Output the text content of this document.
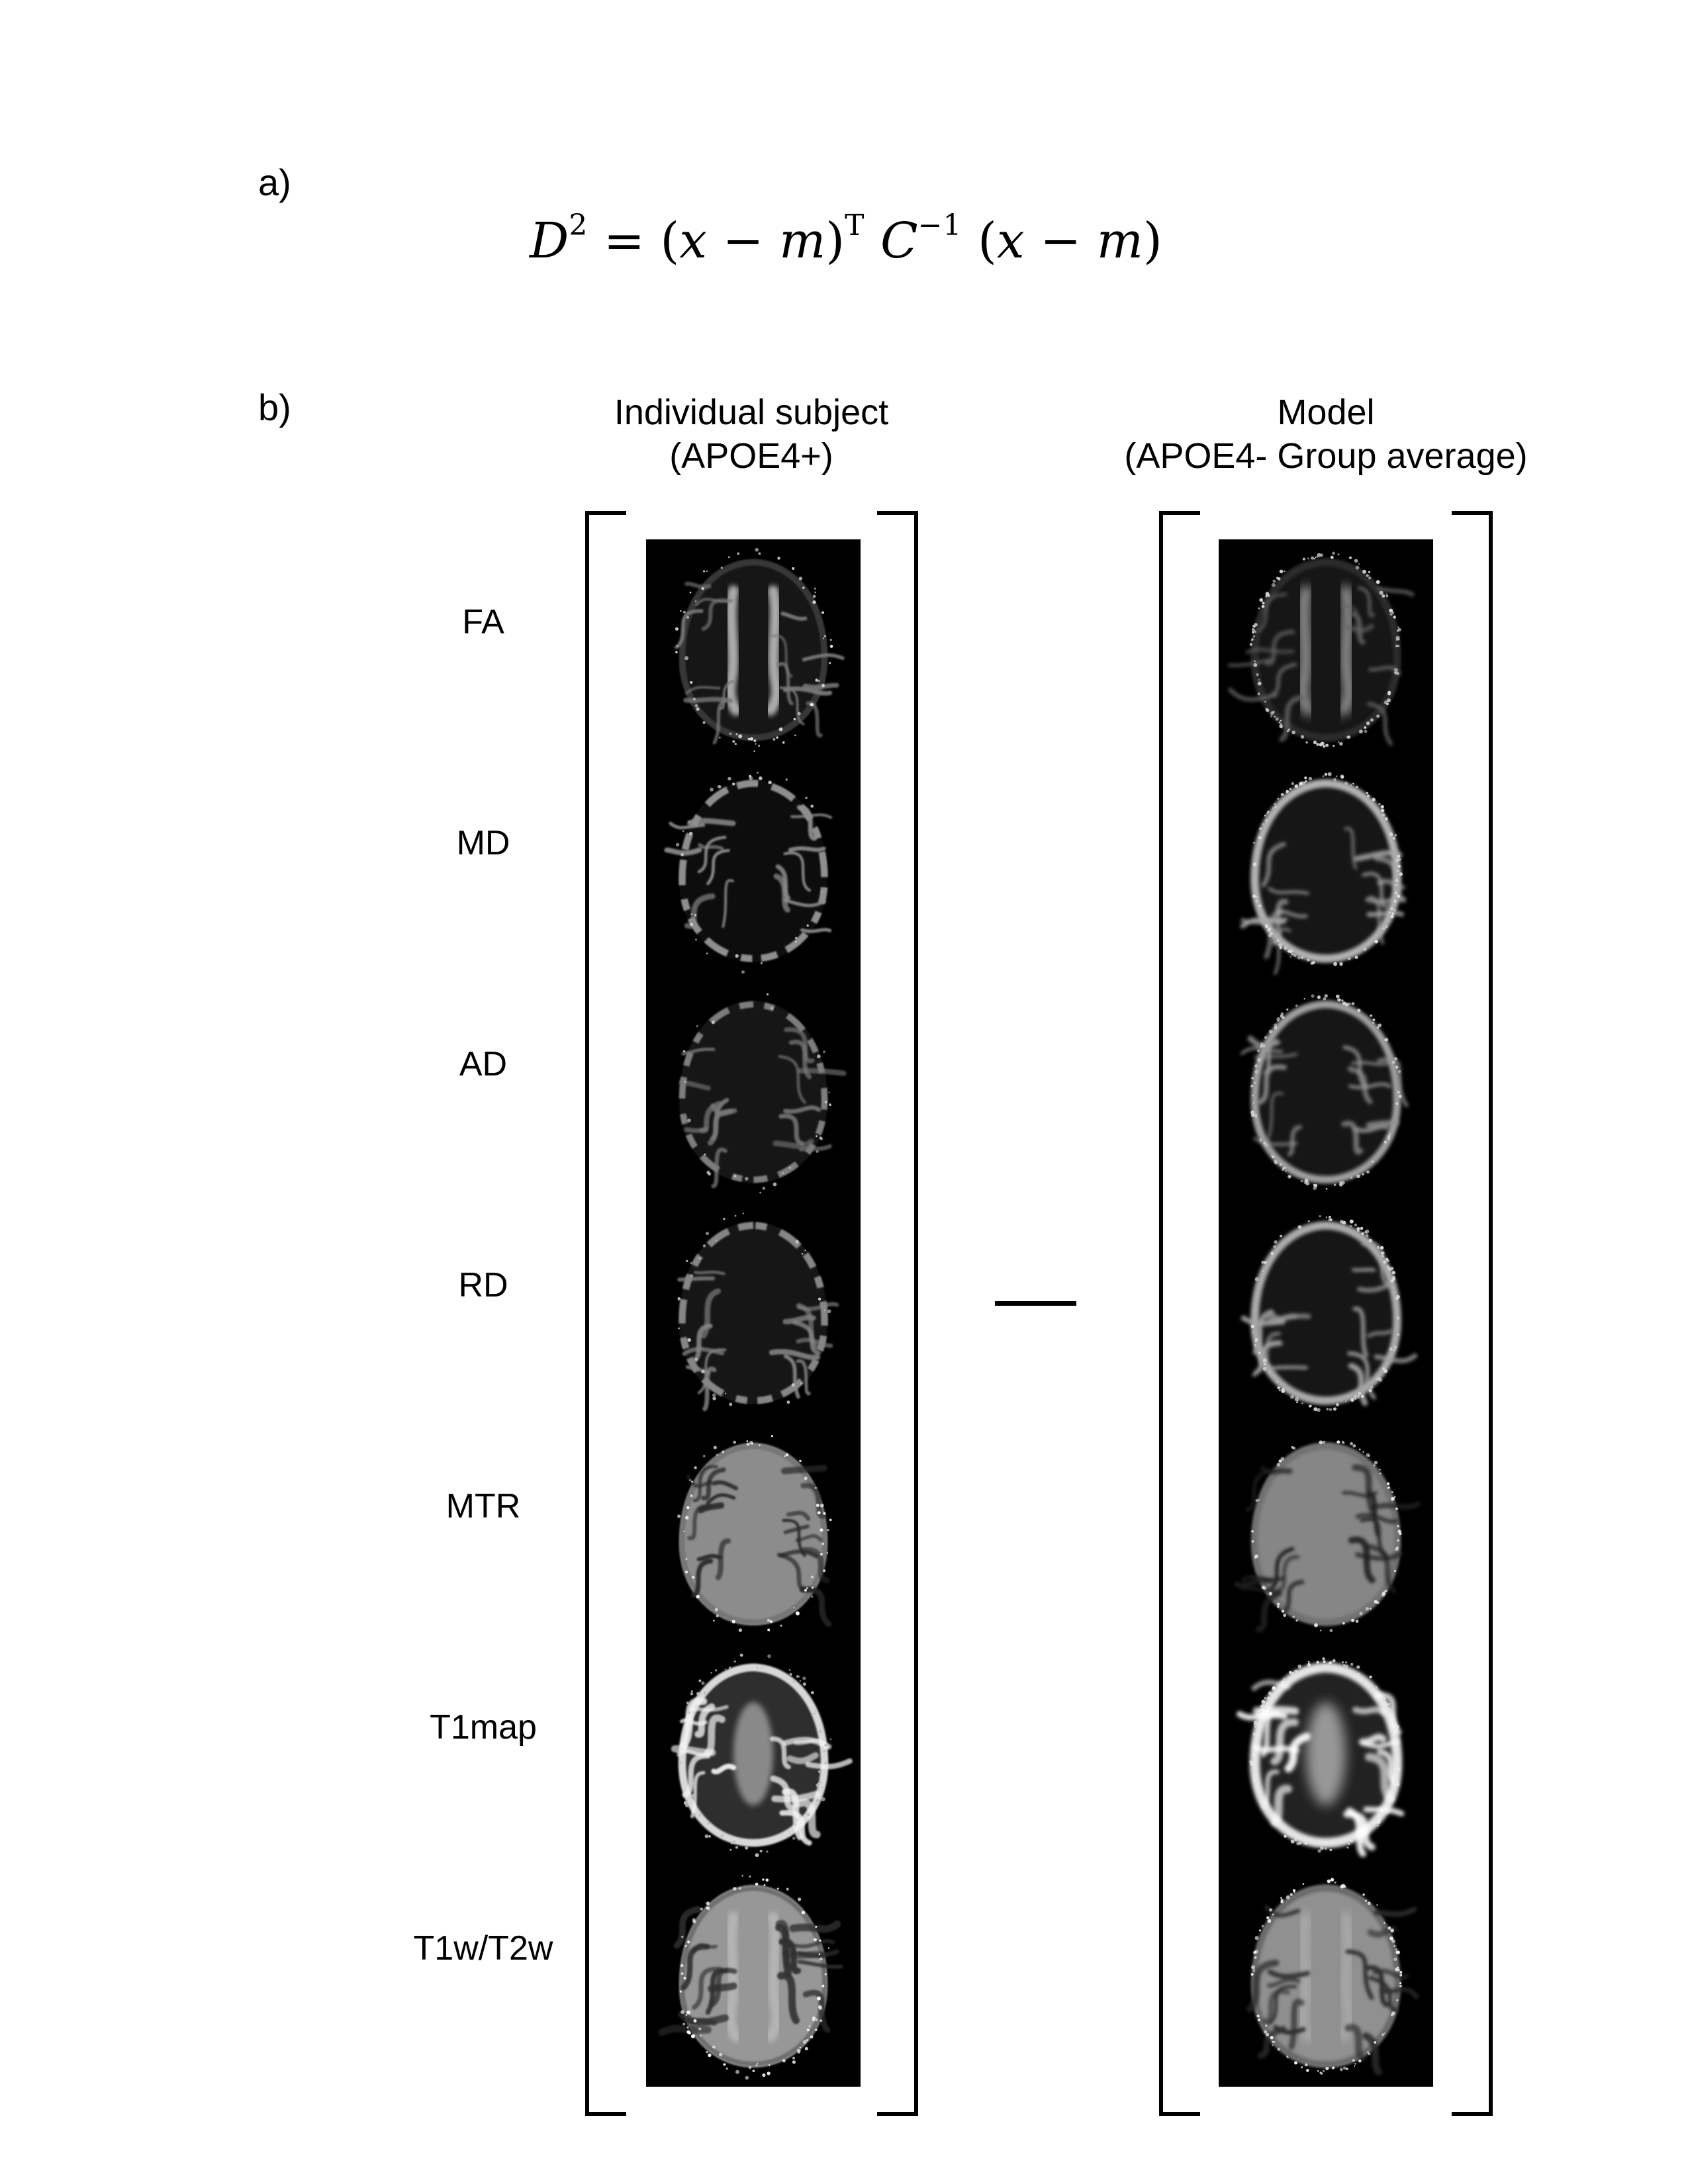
a)
$D^2 = (x - m)^T$ $C^{-1}$ (x − m)
b)	Individual subject
(APOE4+)
Model
(APOE4- Group average)
FA
MD
AD
RD
MTR
T1map
T1w/T2w
